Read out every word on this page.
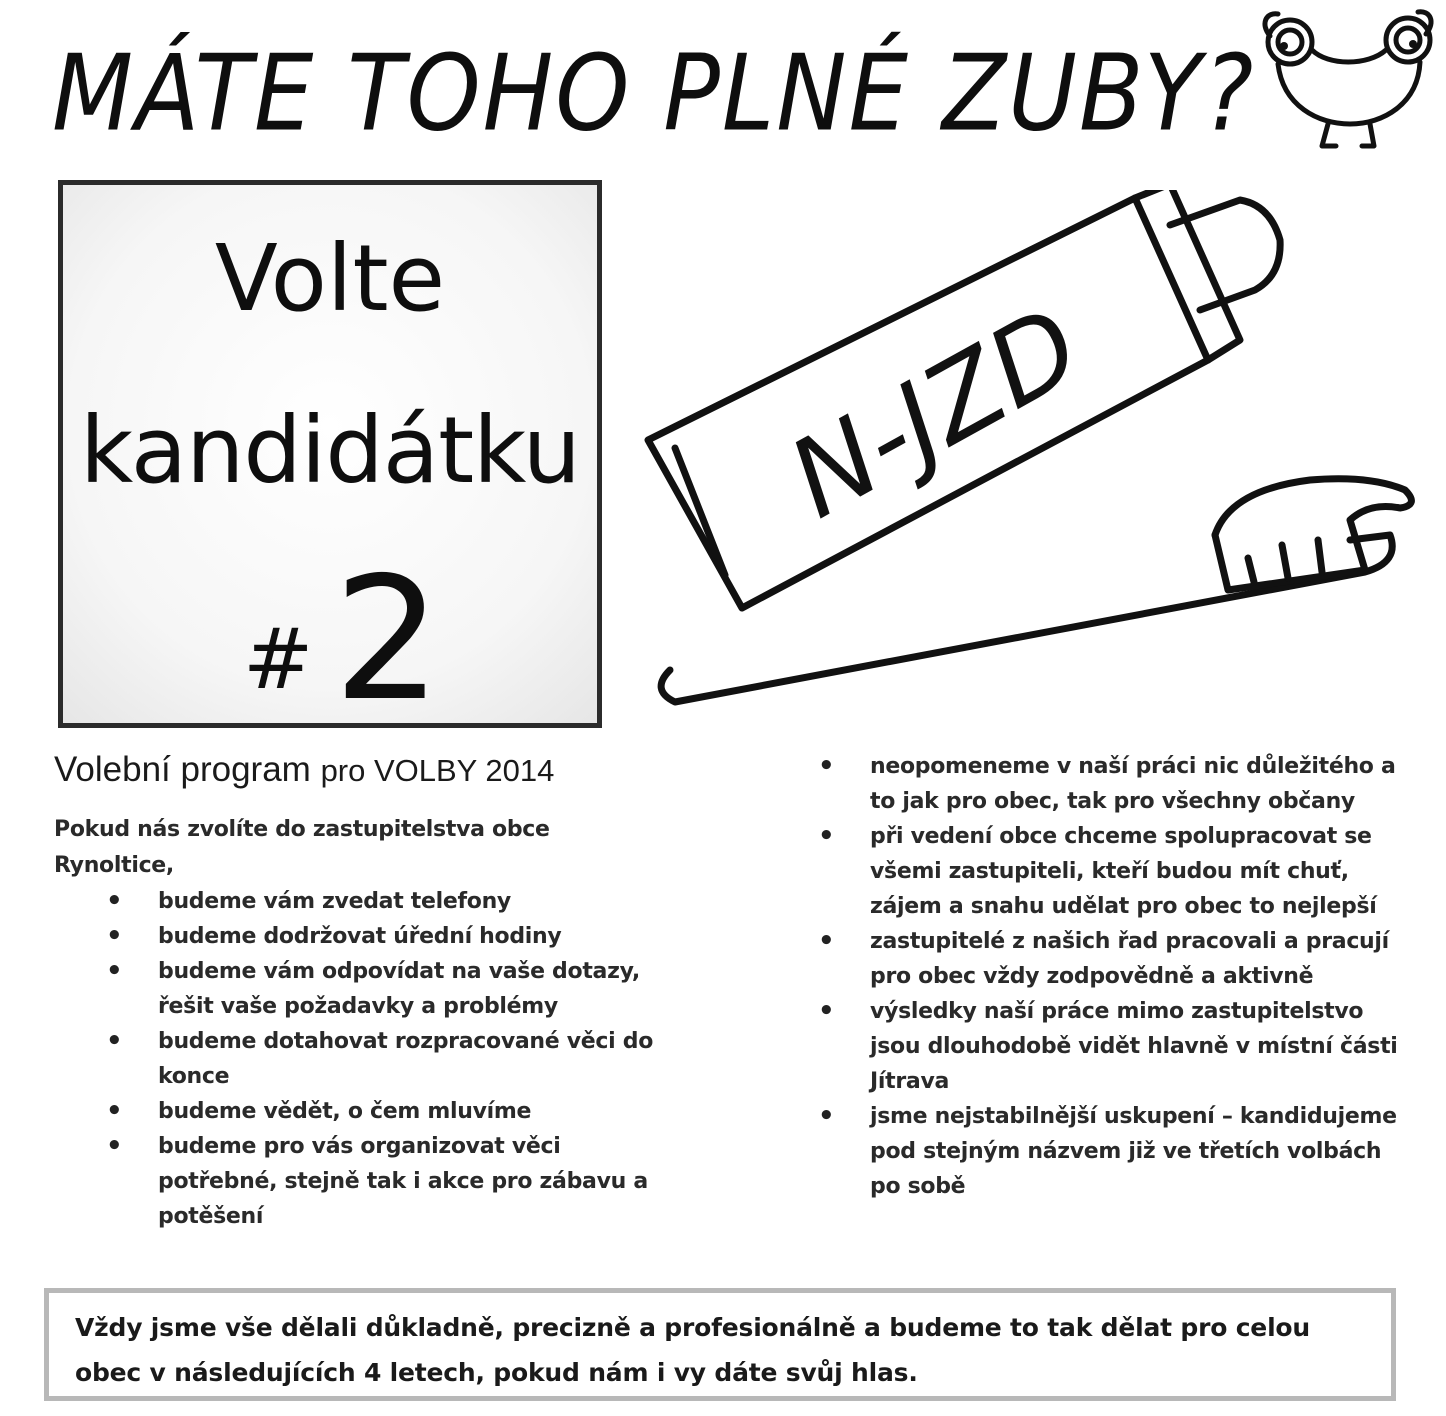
MÁTE TOHO PLNÉ ZUBY?
Volte
kandidátku
# 2
N-JZD
Volební program pro VOLBY 2014
Pokud nás zvolíte do zastupitelstva obce Rynoltice,
• budeme vám zvedat telefony
• budeme dodržovat úřední hodiny
• budeme vám odpovídat na vaše dotazy, řešit vaše požadavky a problémy
• budeme dotahovat rozpracované věci do konce
• budeme vědět, o čem mluvíme
• budeme pro vás organizovat věci potřebné, stejně tak i akce pro zábavu a potěšení
• neopomeneme v naší práci nic důležitého a to jak pro obec, tak pro všechny občany
• při vedení obce chceme spolupracovat se všemi zastupiteli, kteří budou mít chuť, zájem a snahu udělat pro obec to nejlepší
• zastupitelé z našich řad pracovali a pracují pro obec vždy zodpovědně a aktivně
• výsledky naší práce mimo zastupitelstvo jsou dlouhodobě vidět hlavně v místní části Jítrava
• jsme nejstabilnější uskupení – kandidujeme pod stejným názvem již ve třetích volbách po sobě
Vždy jsme vše dělali důkladně, precizně a profesionálně a budeme to tak dělat pro celou obec v následujících 4 letech, pokud nám i vy dáte svůj hlas.
